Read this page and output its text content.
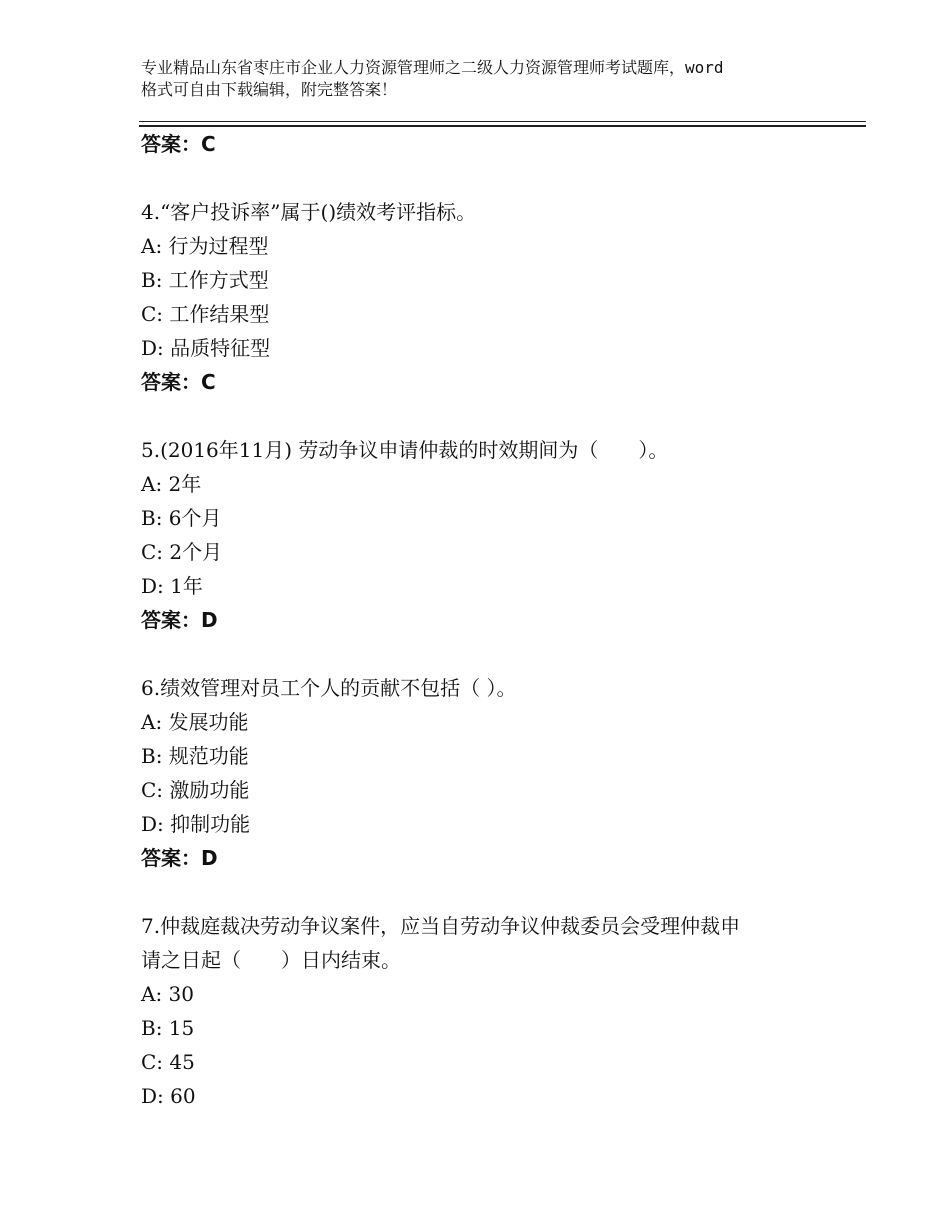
专业精品山东省枣庄市企业人力资源管理师之二级人力资源管理师考试题库，word
格式可自由下载编辑，附完整答案！
答案：C
4.“客户投诉率”属于()绩效考评指标。
A: 行为过程型
B: 工作方式型
C: 工作结果型
D: 品质特征型
答案：C
5.(2016年11月) 劳动争议申请仲裁的时效期间为（　　）。
A: 2年
B: 6个月
C: 2个月
D: 1年
答案：D
6.绩效管理对员工个人的贡献不包括（ ）。
A: 发展功能
B: 规范功能
C: 激励功能
D: 抑制功能
答案：D
7.仲裁庭裁决劳动争议案件，应当自劳动争议仲裁委员会受理仲裁申
请之日起（　　）日内结束。
A: 30
B: 15
C: 45
D: 60
